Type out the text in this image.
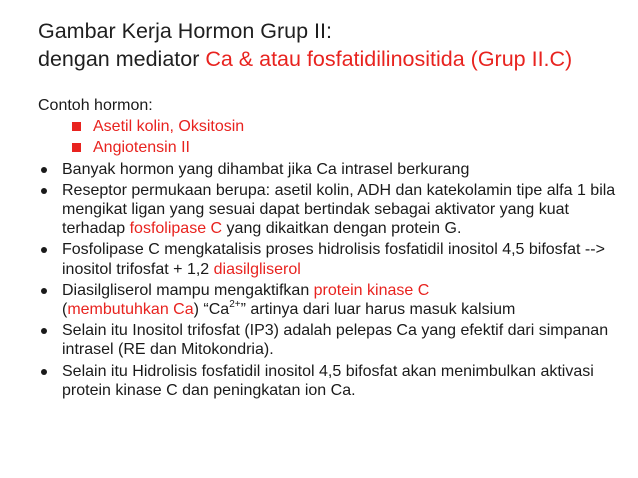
Gambar Kerja Hormon Grup II:
dengan mediator Ca & atau fosfatidilinositida (Grup II.C)
Contoh hormon:
Asetil kolin, Oksitosin
Angiotensin II
Banyak hormon yang dihambat jika Ca intrasel berkurang
Reseptor permukaan berupa: asetil kolin, ADH dan katekolamin tipe alfa 1 bila mengikat ligan yang sesuai dapat bertindak sebagai aktivator yang kuat terhadap fosfolipase C yang dikaitkan dengan protein G.
Fosfolipase C mengkatalisis proses hidrolisis fosfatidil inositol 4,5 bifosfat --> inositol trifosfat + 1,2 diasilgliserol
Diasilgliserol mampu mengaktifkan protein kinase C
(membutuhkan Ca) “$Ca^{2+}$” artinya dari luar harus masuk kalsium
Selain itu Inositol trifosfat (IP3) adalah pelepas Ca yang efektif dari simpanan intrasel (RE dan Mitokondria).
Selain itu Hidrolisis fosfatidil inositol 4,5 bifosfat akan menimbulkan aktivasi protein kinase C dan peningkatan ion Ca.
